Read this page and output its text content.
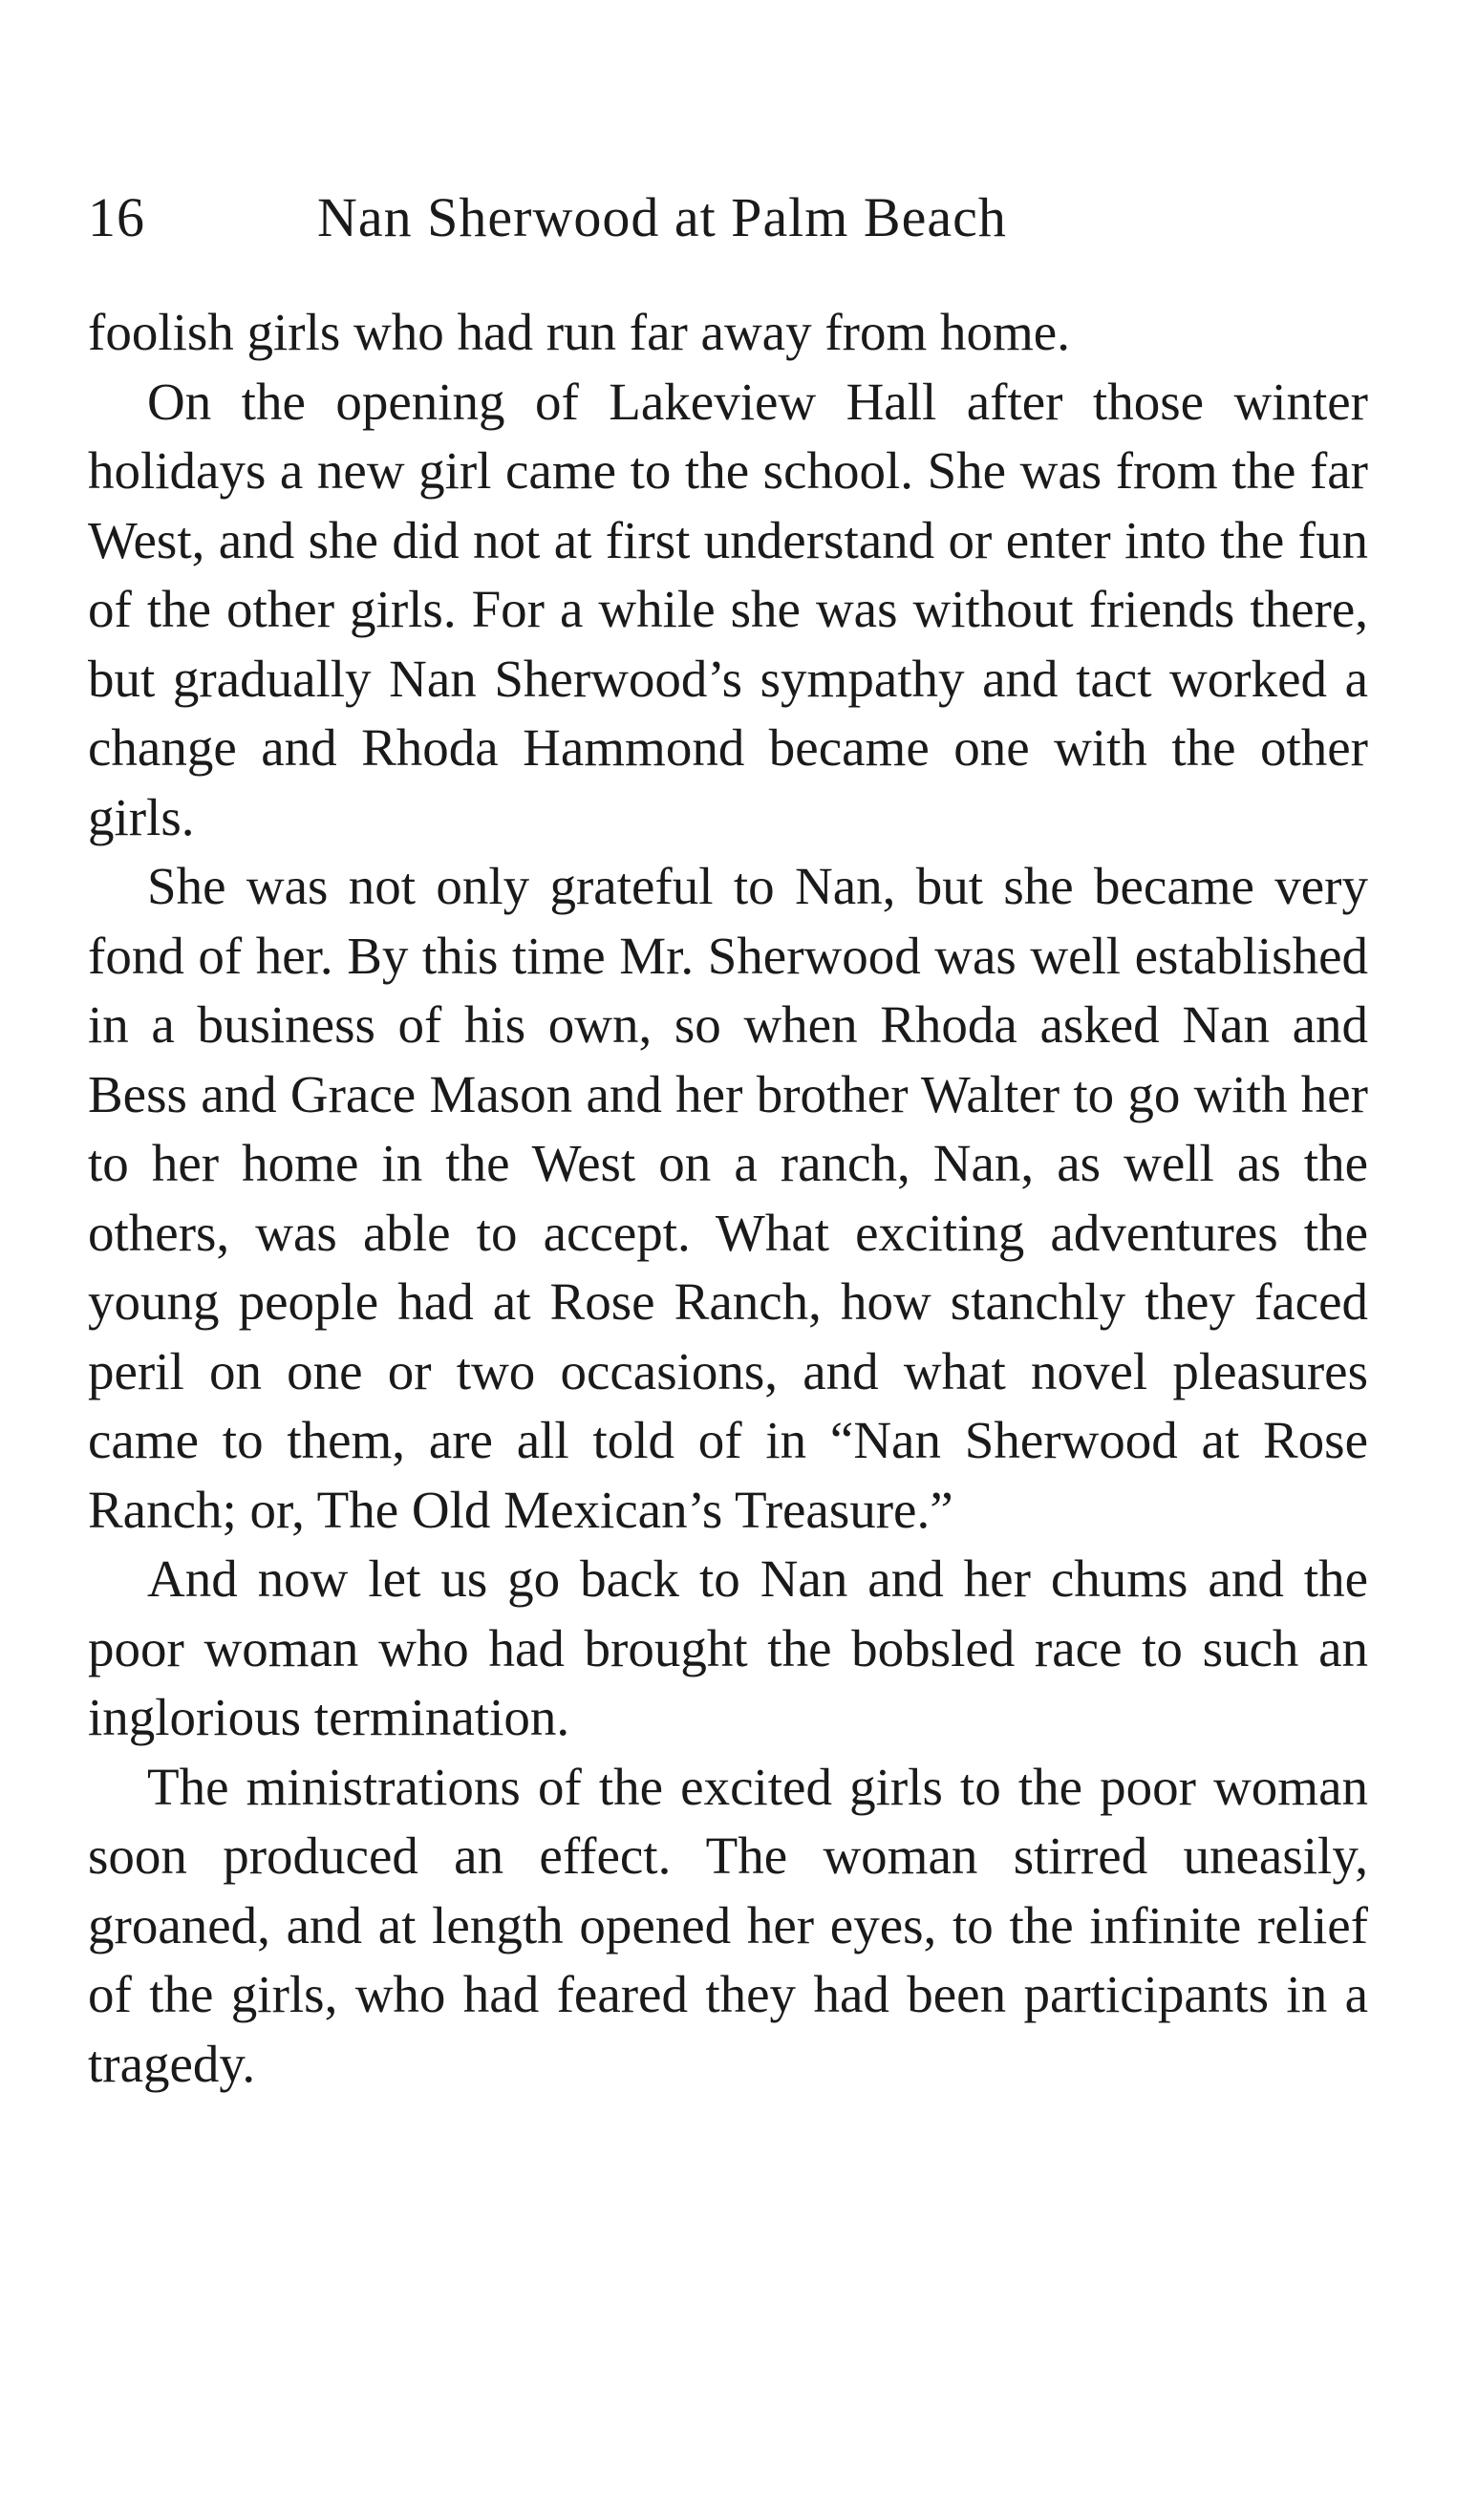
16	Nan Sherwood at Palm Beach

foolish girls who had run far away from home.

On the opening of Lakeview Hall after those winter holidays a new girl came to the school. She was from the far West, and she did not at first understand or enter into the fun of the other girls. For a while she was without friends there, but gradually Nan Sherwood’s sympathy and tact worked a change and Rhoda Hammond became one with the other girls.

She was not only grateful to Nan, but she became very fond of her. By this time Mr. Sherwood was well established in a business of his own, so when Rhoda asked Nan and Bess and Grace Mason and her brother Walter to go with her to her home in the West on a ranch, Nan, as well as the others, was able to accept. What exciting adventures the young people had at Rose Ranch, how stanchly they faced peril on one or two occasions, and what novel pleasures came to them, are all told of in “Nan Sherwood at Rose Ranch; or, The Old Mexican’s Treasure.”

And now let us go back to Nan and her chums and the poor woman who had brought the bobsled race to such an inglorious termination.

The ministrations of the excited girls to the poor woman soon produced an effect. The woman stirred uneasily, groaned, and at length opened her eyes, to the infinite relief of the girls, who had feared they had been participants in a tragedy.
